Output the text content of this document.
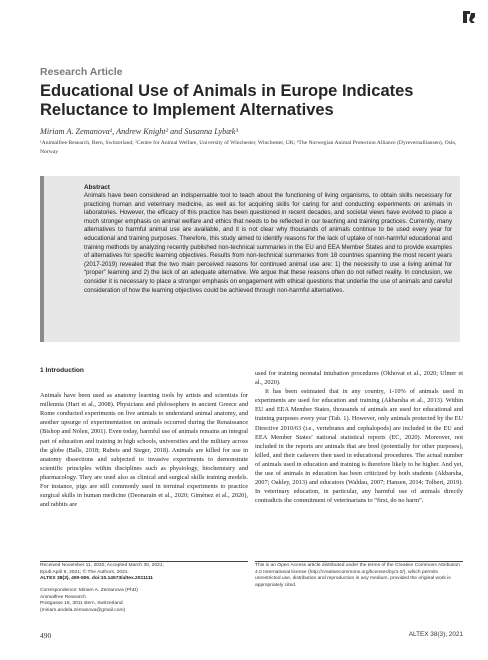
Research Article
Educational Use of Animals in Europe Indicates Reluctance to Implement Alternatives
Miriam A. Zemanova¹, Andrew Knight² and Susanna Lybæk³
¹Animalfree Research, Bern, Switzerland; ²Centre for Animal Welfare, University of Winchester, Winchester, UK; ³The Norwegian Animal Protection Alliance (Dyrevernalliansen), Oslo, Norway
Abstract
Animals have been considered an indispensable tool to teach about the functioning of living organisms, to obtain skills necessary for practicing human and veterinary medicine, as well as for acquiring skills for caring for and conducting experiments on animals in laboratories. However, the efficacy of this practice has been questioned in recent decades, and societal views have evolved to place a much stronger emphasis on animal welfare and ethics that needs to be reflected in our teaching and training practices. Currently, many alternatives to harmful animal use are available, and it is not clear why thousands of animals continue to be used every year for educational and training purposes. Therefore, this study aimed to identify reasons for the lack of uptake of non-harmful educational and training methods by analyzing recently published non-technical summaries in the EU and EEA Member States and to provide examples of alternatives for specific learning objectives. Results from non-technical summaries from 18 countries spanning the most recent years (2017-2019) revealed that the two main perceived reasons for continued animal use are: 1) the necessity to use a living animal for “proper” learning and 2) the lack of an adequate alternative. We argue that these reasons often do not reflect reality. In conclusion, we consider it is necessary to place a stronger emphasis on engagement with ethical questions that underlie the use of animals and careful consideration of how the learning objectives could be achieved through non-harmful alternatives.
1 Introduction

Animals have been used as anatomy learning tools by artists and scientists for millennia (Hart et al., 2008). Physicians and philosophers in ancient Greece and Rome conducted experiments on live animals to understand animal anatomy, and another upsurge of experimentation on animals occurred during the Renaissance (Bishop and Nolen, 2001). Even today, harmful use of animals remains an integral part of education and training in high schools, universities and the military across the globe (Balls, 2018; Rubeis and Steger, 2018). Animals are killed for use in anatomy dissections and subjected to invasive experiments to demonstrate scientific principles within disciplines such as physiology, biochemistry and pharmacology. They are used also as clinical and surgical skills training models. For instance, pigs are still commonly used in terminal experiments to practice surgical skills in human medicine (Deonarain et al., 2020; Giménez et al., 2020), and rabbits are

used for training neonatal intubation procedures (Okhovat et al., 2020; Ulmer et al., 2020).

It has been estimated that in any country, 1-10% of animals used in experiments are used for education and training (Akbarsha et al., 2013). Within EU and EEA Member States, thousands of animals are used for educational and training purposes every year (Tab. 1). However, only animals protected by the EU Directive 2010/63 (i.e., vertebrates and cephalopods) are included in the EU and EEA Member States’ national statistical reports (EC, 2020). Moreover, not included in the reports are animals that are bred (potentially for other purposes), killed, and their cadavers then used in educational procedures. The actual number of animals used in education and training is therefore likely to be higher. And yet, the use of animals in education has been criticized by both students (Akbarsha, 2007; Oakley, 2013) and educators (Waldau, 2007; Hansen, 2014; Tolbert, 2019). In veterinary education, in particular, any harmful use of animals directly contradicts the commitment of veterinarians to “first, do no harm”.

Received November 11, 2020; Accepted March 30, 2021;
Epub April 6, 2021; © The Authors, 2021.
ALTEX 38(3), 490-506. doi:10.14573/altex.2011111
Correspondence: Miriam A. Zemanova (PhD)
Animalfree Research
Postgasse 15, 3011 Bern, Switzerland
(miriam.andela.zemanova@gmail.com)
This is an Open Access article distributed under the terms of the Creative Commons Attribution 4.0 International license (http://creativecommons.org/licenses/by/4.0/), which permits unrestricted use, distribution and reproduction in any medium, provided the original work is appropriately cited.
490	ALTEX 38(3), 2021
